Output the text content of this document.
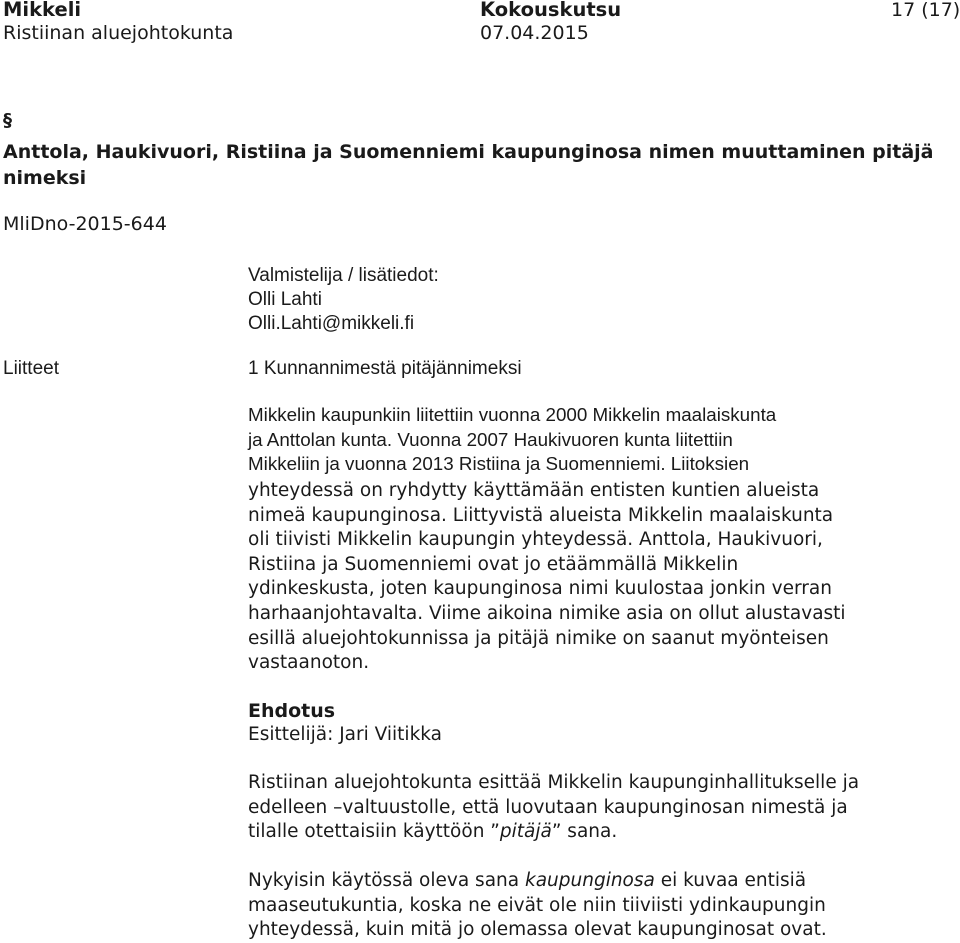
Mikkeli	Kokouskutsu	17 (17)
Ristiinan aluejohtokunta	07.04.2015
§
Anttola, Haukivuori, Ristiina ja Suomenniemi kaupunginosa nimen muuttaminen pitäjä
nimeksi
MliDno-2015-644
Valmistelija / lisätiedot:
Olli Lahti
Olli.Lahti@mikkeli.fi
Liitteet	1 Kunnannimestä pitäjännimeksi
Mikkelin kaupunkiin liitettiin vuonna 2000 Mikkelin maalaiskunta
ja Anttolan kunta. Vuonna 2007 Haukivuoren kunta liitettiin
Mikkeliin ja vuonna 2013 Ristiina ja Suomenniemi. Liitoksien
yhteydessä on ryhdytty käyttämään entisten kuntien alueista
nimeä kaupunginosa. Liittyvistä alueista Mikkelin maalaiskunta
oli tiivisti Mikkelin kaupungin yhteydessä. Anttola, Haukivuori,
Ristiina ja Suomenniemi ovat jo etäämmällä Mikkelin
ydinkeskusta, joten kaupunginosa nimi kuulostaa jonkin verran
harhaanjohtavalta. Viime aikoina nimike asia on ollut alustavasti
esillä aluejohtokunnissa ja pitäjä nimike on saanut myönteisen
vastaanoton.
Ehdotus
Esittelijä: Jari Viitikka
Ristiinan aluejohtokunta esittää Mikkelin kaupunginhallitukselle ja
edelleen –valtuustolle, että luovutaan kaupunginosan nimestä ja
tilalle otettaisiin käyttöön ”pitäjä” sana.
Nykyisin käytössä oleva sana kaupunginosa ei kuvaa entisiä
maaseutukuntia, koska ne eivät ole niin tiiviisti ydinkaupungin
yhteydessä, kuin mitä jo olemassa olevat kaupunginosat ovat.
